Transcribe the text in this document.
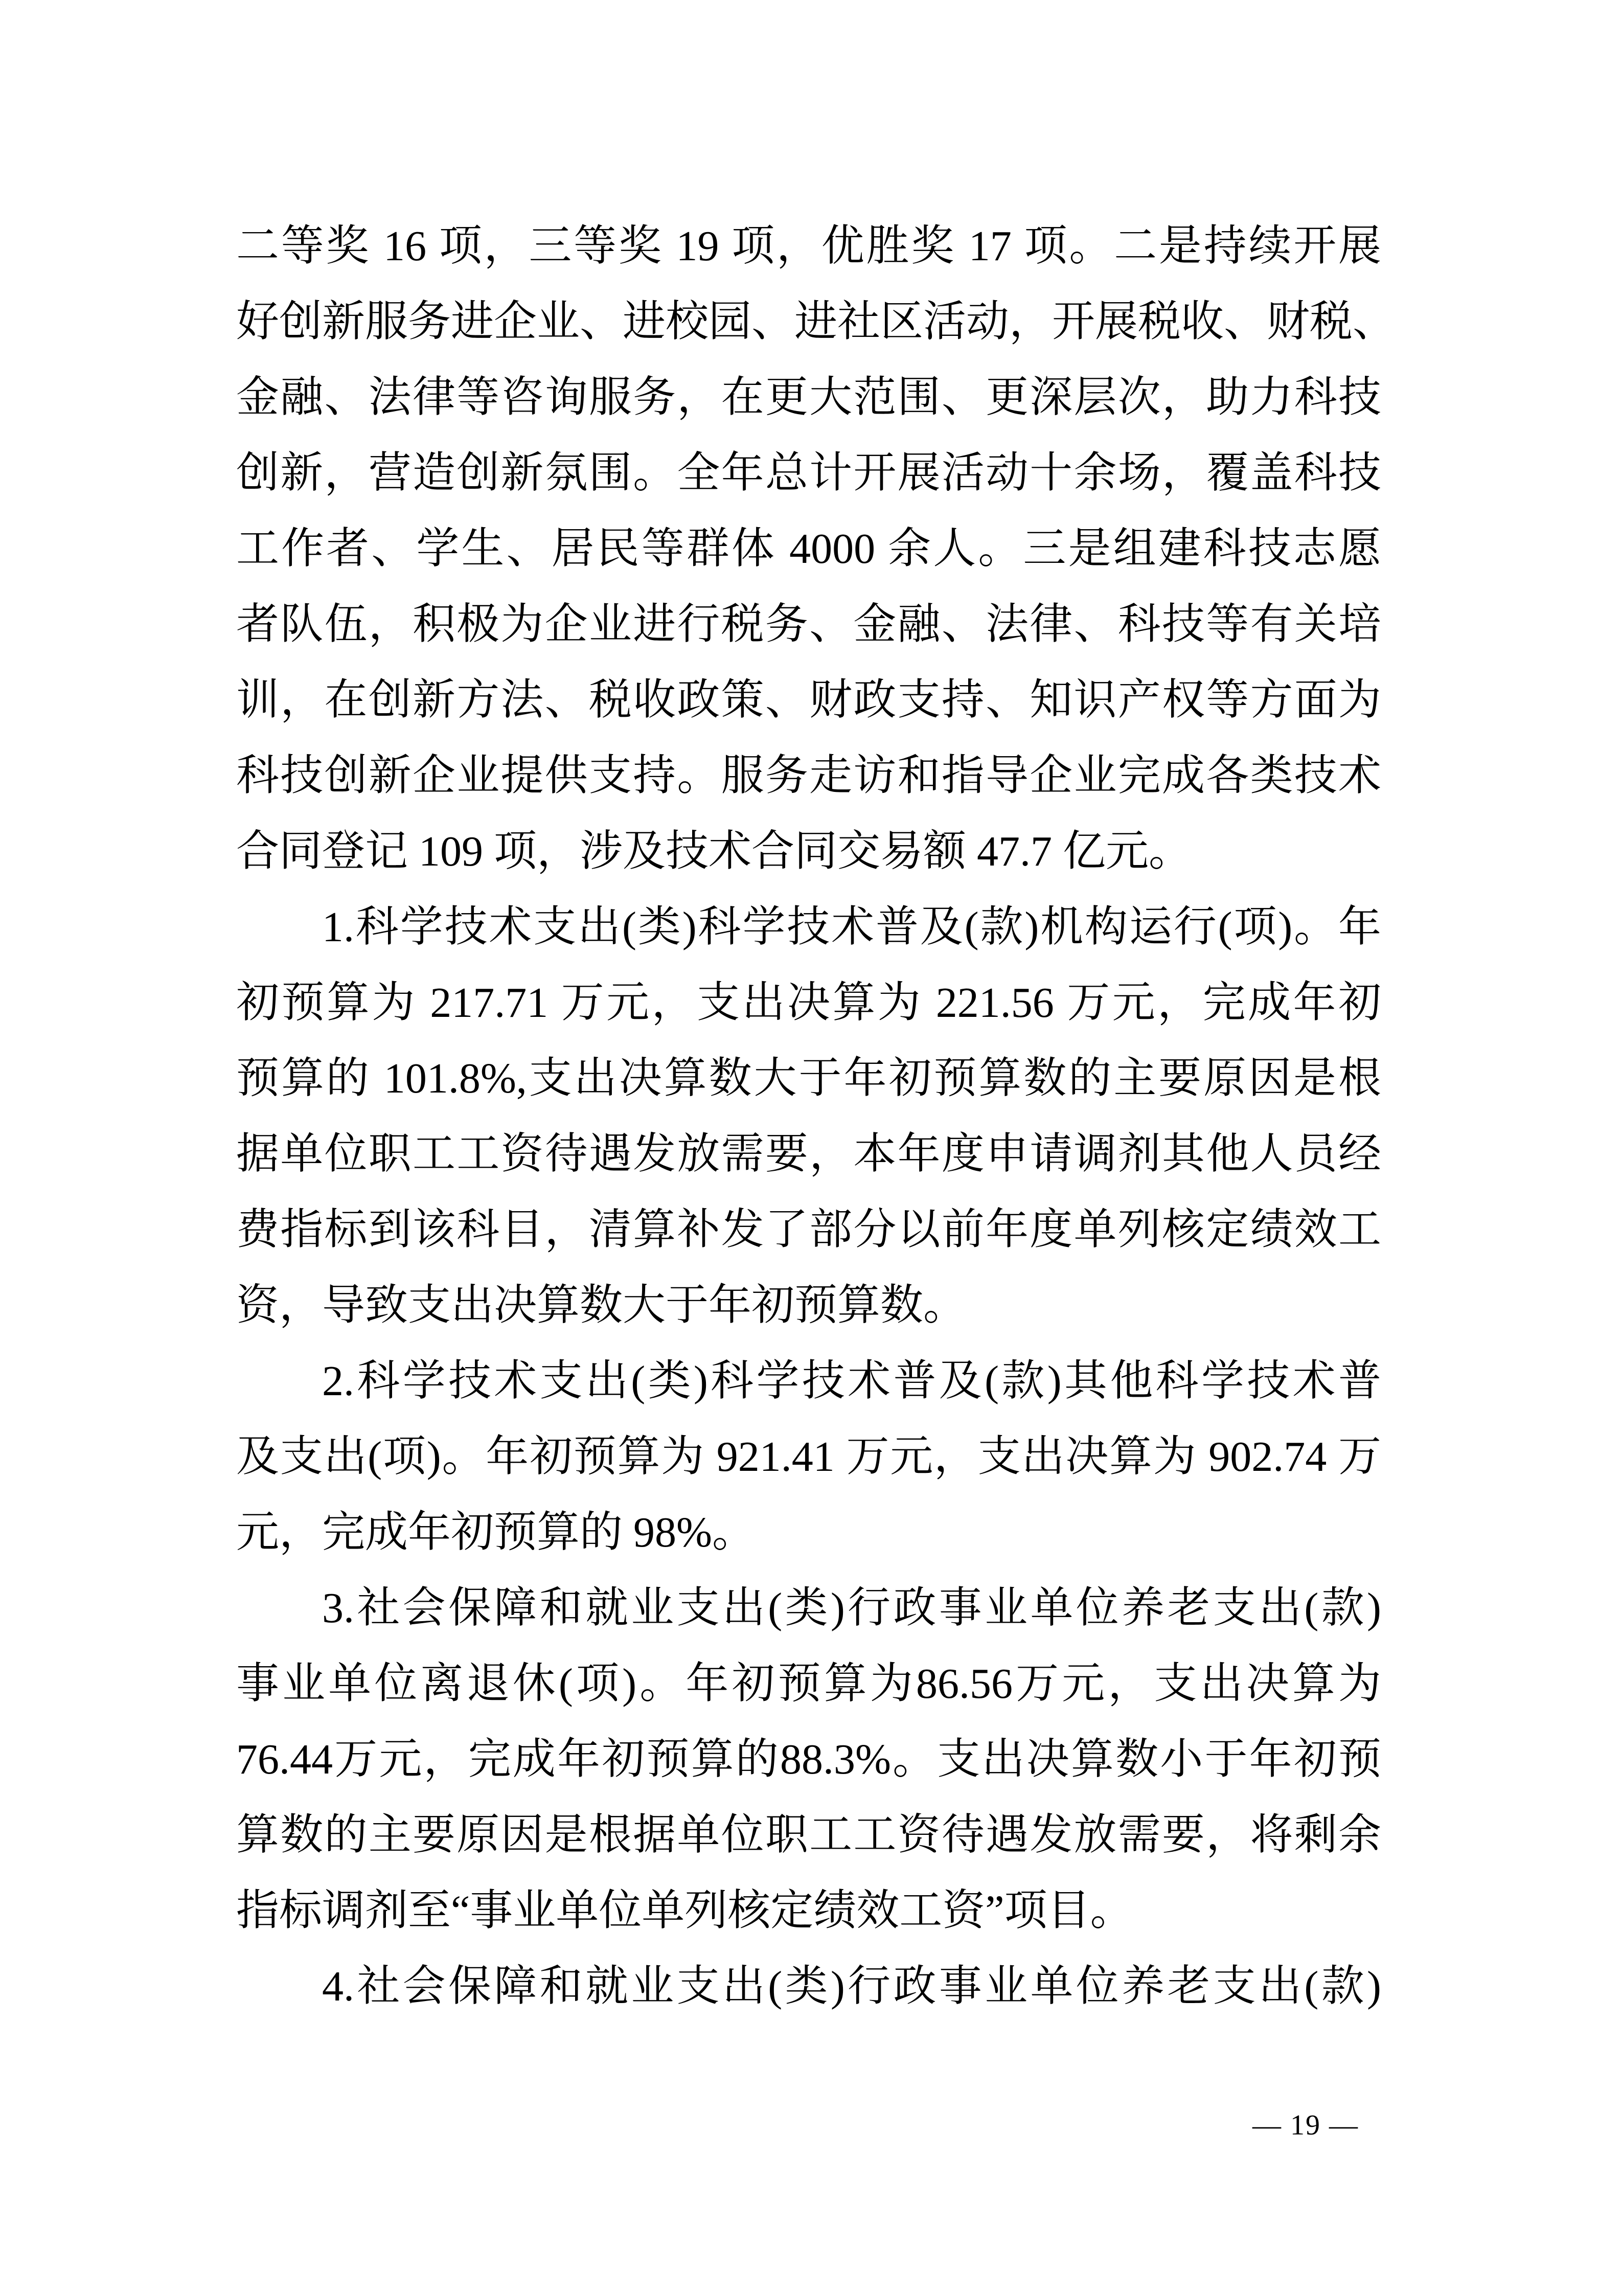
二等奖 16 项，三等奖 19 项，优胜奖 17 项。二是持续开展
好创新服务进企业、进校园、进社区活动，开展税收、财税、
金融、法律等咨询服务，在更大范围、更深层次，助力科技
创新，营造创新氛围。全年总计开展活动十余场，覆盖科技
工作者、学生、居民等群体 4000 余人。三是组建科技志愿
者队伍，积极为企业进行税务、金融、法律、科技等有关培
训，在创新方法、税收政策、财政支持、知识产权等方面为
科技创新企业提供支持。服务走访和指导企业完成各类技术
合同登记 109 项，涉及技术合同交易额 47.7 亿元。
1.科学技术支出(类)科学技术普及(款)机构运行(项)。年
初预算为 217.71 万元，支出决算为 221.56 万元，完成年初
预算的 101.8%,支出决算数大于年初预算数的主要原因是根
据单位职工工资待遇发放需要，本年度申请调剂其他人员经
费指标到该科目，清算补发了部分以前年度单列核定绩效工
资，导致支出决算数大于年初预算数。
2.科学技术支出(类)科学技术普及(款)其他科学技术普
及支出(项)。年初预算为 921.41 万元，支出决算为 902.74 万
元，完成年初预算的 98%。
3.社会保障和就业支出(类)行政事业单位养老支出(款)
事业单位离退休(项)。年初预算为86.56万元，支出决算为
76.44万元，完成年初预算的88.3%。支出决算数小于年初预
算数的主要原因是根据单位职工工资待遇发放需要，将剩余
指标调剂至“事业单位单列核定绩效工资”项目。
4.社会保障和就业支出(类)行政事业单位养老支出(款)
— 19 —
